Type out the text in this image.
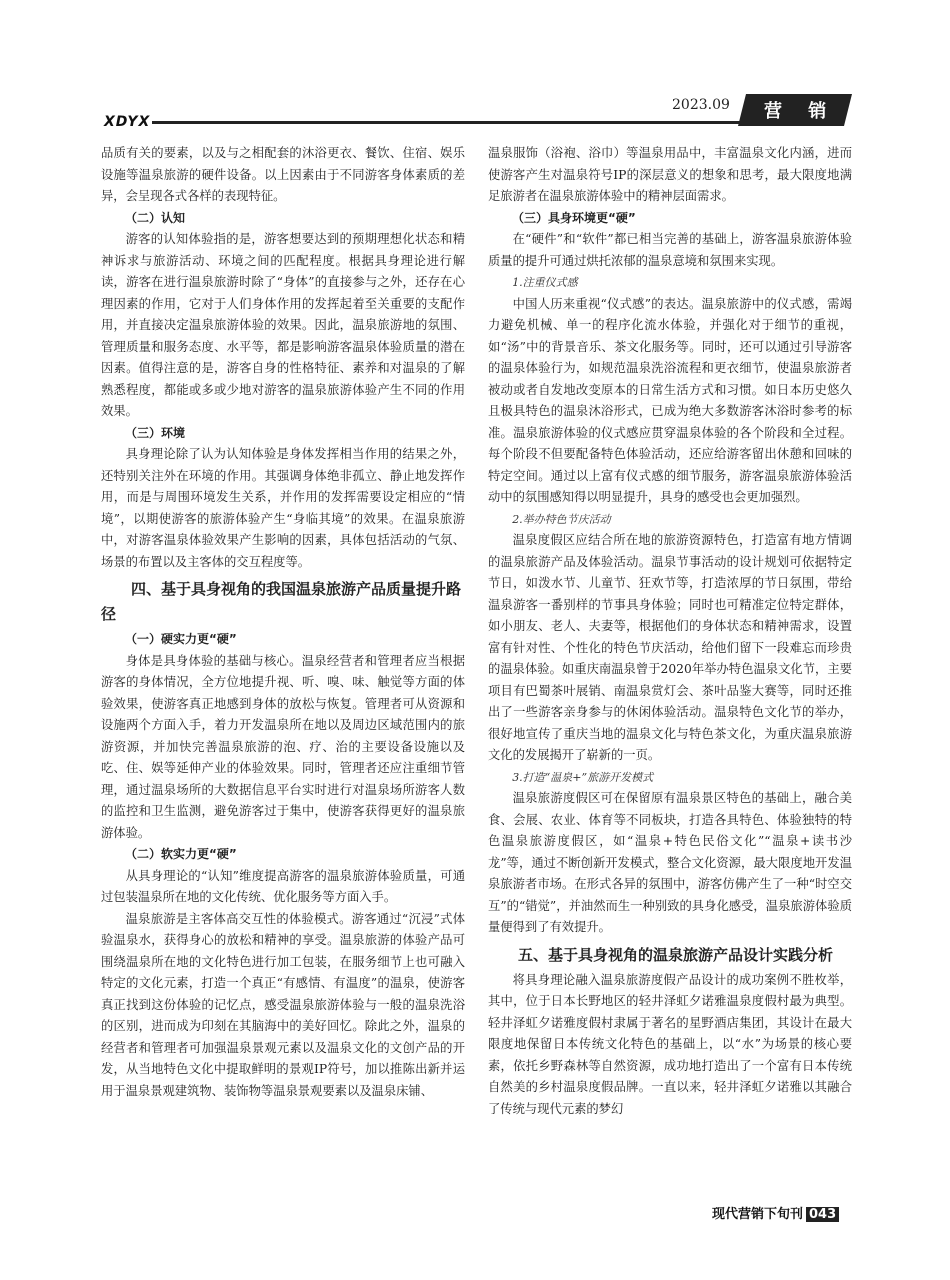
XDYX
2023.09 营 销

品质有关的要素，以及与之相配套的沐浴更衣、餐饮、住宿、娱乐设施等温泉旅游的硬件设备。以上因素由于不同游客身体素质的差异，会呈现各式各样的表现特征。

（二）认知

游客的认知体验指的是，游客想要达到的预期理想化状态和精神诉求与旅游活动、环境之间的匹配程度。根据具身理论进行解读，游客在进行温泉旅游时除了“身体”的直接参与之外，还存在心理因素的作用，它对于人们身体作用的发挥起着至关重要的支配作用，并直接决定温泉旅游体验的效果。因此，温泉旅游地的氛围、管理质量和服务态度、水平等，都是影响游客温泉体验质量的潜在因素。值得注意的是，游客自身的性格特征、素养和对温泉的了解熟悉程度，都能或多或少地对游客的温泉旅游体验产生不同的作用效果。

（三）环境

具身理论除了认为认知体验是身体发挥相当作用的结果之外，还特别关注外在环境的作用。其强调身体绝非孤立、静止地发挥作用，而是与周围环境发生关系，并作用的发挥需要设定相应的“情境”，以期使游客的旅游体验产生“身临其境”的效果。在温泉旅游中，对游客温泉体验效果产生影响的因素，具体包括活动的气氛、场景的布置以及主客体的交互程度等。

四、基于具身视角的我国温泉旅游产品质量提升路径
（一）硬实力更“硬”

身体是具身体验的基础与核心。温泉经营者和管理者应当根据游客的身体情况，全方位地提升视、听、嗅、味、触觉等方面的体验效果，使游客真正地感到身体的放松与恢复。管理者可从资源和设施两个方面入手，着力开发温泉所在地以及周边区域范围内的旅游资源，并加快完善温泉旅游的泡、疗、治的主要设备设施以及吃、住、娱等延伸产业的体验效果。同时，管理者还应注重细节管理，通过温泉场所的大数据信息平台实时进行对温泉场所游客人数的监控和卫生监测，避免游客过于集中，使游客获得更好的温泉旅游体验。

（二）软实力更“硬”

从具身理论的“认知”维度提高游客的温泉旅游体验质量，可通过包装温泉所在地的文化传统、优化服务等方面入手。

温泉旅游是主客体高交互性的体验模式。游客通过“沉浸”式体验温泉水，获得身心的放松和精神的享受。温泉旅游的体验产品可围绕温泉所在地的文化特色进行加工包装，在服务细节上也可融入特定的文化元素，打造一个真正“有感情、有温度”的温泉，使游客真正找到这份体验的记忆点，感受温泉旅游体验与一般的温泉洗浴的区别，进而成为印刻在其脑海中的美好回忆。除此之外，温泉的经营者和管理者可加强温泉景观元素以及温泉文化的文创产品的开发，从当地特色文化中提取鲜明的景观IP符号，加以推陈出新并运用于温泉景观建筑物、装饰物等温泉景观要素以及温泉床铺、

温泉服饰（浴袍、浴巾）等温泉用品中，丰富温泉文化内涵，进而使游客产生对温泉符号IP的深层意义的想象和思考，最大限度地满足旅游者在温泉旅游体验中的精神层面需求。

（三）具身环境更“硬”

在“硬件”和“软件”都已相当完善的基础上，游客温泉旅游体验质量的提升可通过烘托浓郁的温泉意境和氛围来实现。

1.注重仪式感

中国人历来重视“仪式感”的表达。温泉旅游中的仪式感，需竭力避免机械、单一的程序化流水体验，并强化对于细节的重视，如“汤”中的背景音乐、茶文化服务等。同时，还可以通过引导游客的温泉体验行为，如规范温泉洗浴流程和更衣细节，使温泉旅游者被动或者自发地改变原本的日常生活方式和习惯。如日本历史悠久且极具特色的温泉沐浴形式，已成为绝大多数游客沐浴时参考的标准。温泉旅游体验的仪式感应贯穿温泉体验的各个阶段和全过程。每个阶段不但要配备特色体验活动，还应给游客留出休憩和回味的特定空间。通过以上富有仪式感的细节服务，游客温泉旅游体验活动中的氛围感知得以明显提升，具身的感受也会更加强烈。

2.举办特色节庆活动

温泉度假区应结合所在地的旅游资源特色，打造富有地方情调的温泉旅游产品及体验活动。温泉节事活动的设计规划可依据特定节日，如泼水节、儿童节、狂欢节等，打造浓厚的节日氛围，带给温泉游客一番别样的节事具身体验；同时也可精准定位特定群体，如小朋友、老人、夫妻等，根据他们的身体状态和精神需求，设置富有针对性、个性化的特色节庆活动，给他们留下一段难忘而珍贵的温泉体验。如重庆南温泉曾于2020年举办特色温泉文化节，主要项目有巴蜀茶叶展销、南温泉赏灯会、茶叶品鉴大赛等，同时还推出了一些游客亲身参与的休闲体验活动。温泉特色文化节的举办，很好地宣传了重庆当地的温泉文化与特色茶文化，为重庆温泉旅游文化的发展揭开了崭新的一页。

3.打造“温泉+”旅游开发模式

温泉旅游度假区可在保留原有温泉景区特色的基础上，融合美食、会展、农业、体育等不同板块，打造各具特色、体验独特的特色温泉旅游度假区，如“温泉+特色民俗文化”“温泉+读书沙龙”等，通过不断创新开发模式，整合文化资源，最大限度地开发温泉旅游者市场。在形式各异的氛围中，游客仿佛产生了一种“时空交互”的“错觉”，并油然而生一种别致的具身化感受，温泉旅游体验质量便得到了有效提升。

五、基于具身视角的温泉旅游产品设计实践分析

将具身理论融入温泉旅游度假产品设计的成功案例不胜枚举，其中，位于日本长野地区的轻井泽虹夕诺雅温泉度假村最为典型。轻井泽虹夕诺雅度假村隶属于著名的星野酒店集团，其设计在最大限度地保留日本传统文化特色的基础上，以“水”为场景的核心要素，依托乡野森林等自然资源，成功地打造出了一个富有日本传统自然美的乡村温泉度假品牌。一直以来，轻井泽虹夕诺雅以其融合了传统与现代元素的梦幻

现代营销下旬刊 043
